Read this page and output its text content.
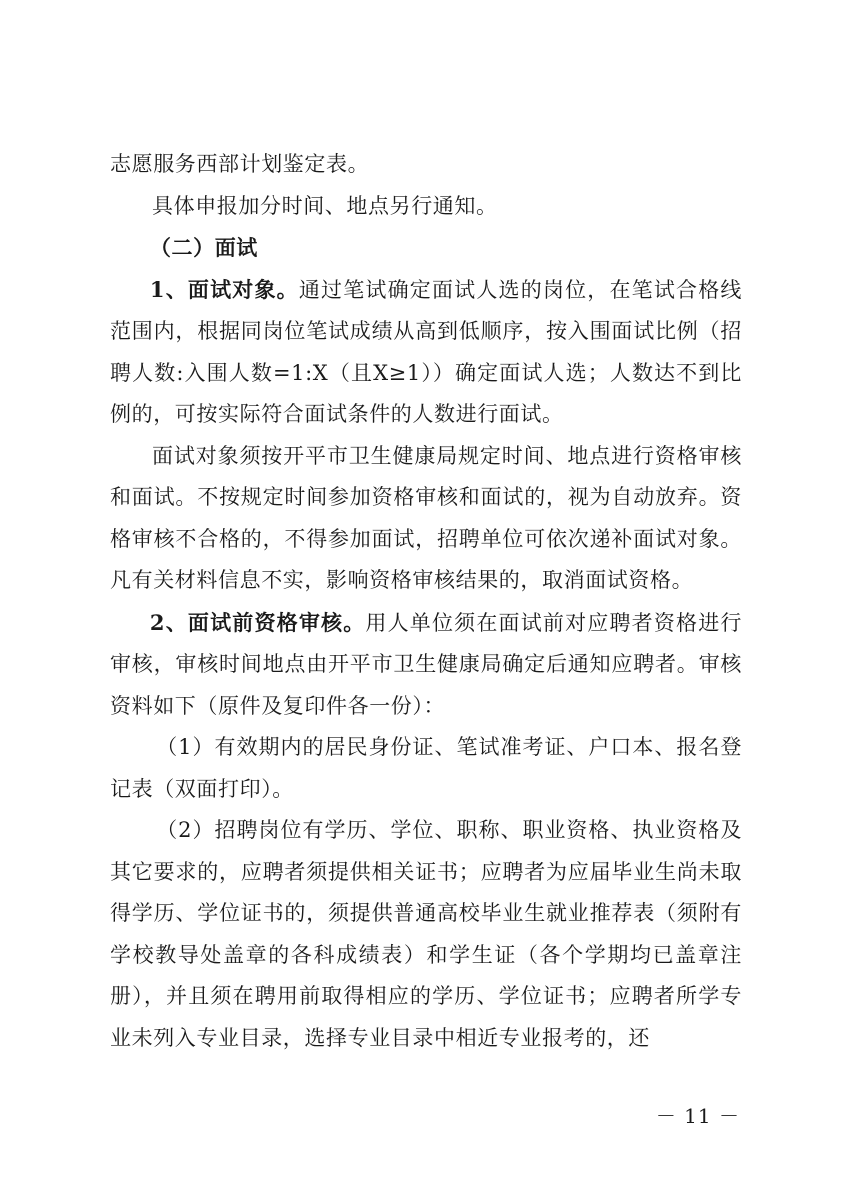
志愿服务西部计划鉴定表。

具体申报加分时间、地点另行通知。

（二）面试

1、面试对象。通过笔试确定面试人选的岗位，在笔试合格线范围内，根据同岗位笔试成绩从高到低顺序，按入围面试比例（招聘人数:入围人数=1:X（且X≥1））确定面试人选；人数达不到比例的，可按实际符合面试条件的人数进行面试。

面试对象须按开平市卫生健康局规定时间、地点进行资格审核和面试。不按规定时间参加资格审核和面试的，视为自动放弃。资格审核不合格的，不得参加面试，招聘单位可依次递补面试对象。凡有关材料信息不实，影响资格审核结果的，取消面试资格。

2、面试前资格审核。用人单位须在面试前对应聘者资格进行审核，审核时间地点由开平市卫生健康局确定后通知应聘者。审核资料如下（原件及复印件各一份）：

（1）有效期内的居民身份证、笔试准考证、户口本、报名登记表（双面打印）。

（2）招聘岗位有学历、学位、职称、职业资格、执业资格及其它要求的，应聘者须提供相关证书；应聘者为应届毕业生尚未取得学历、学位证书的，须提供普通高校毕业生就业推荐表（须附有学校教导处盖章的各科成绩表）和学生证（各个学期均已盖章注册），并且须在聘用前取得相应的学历、学位证书；应聘者所学专业未列入专业目录，选择专业目录中相近专业报考的，还

－ 11 －
